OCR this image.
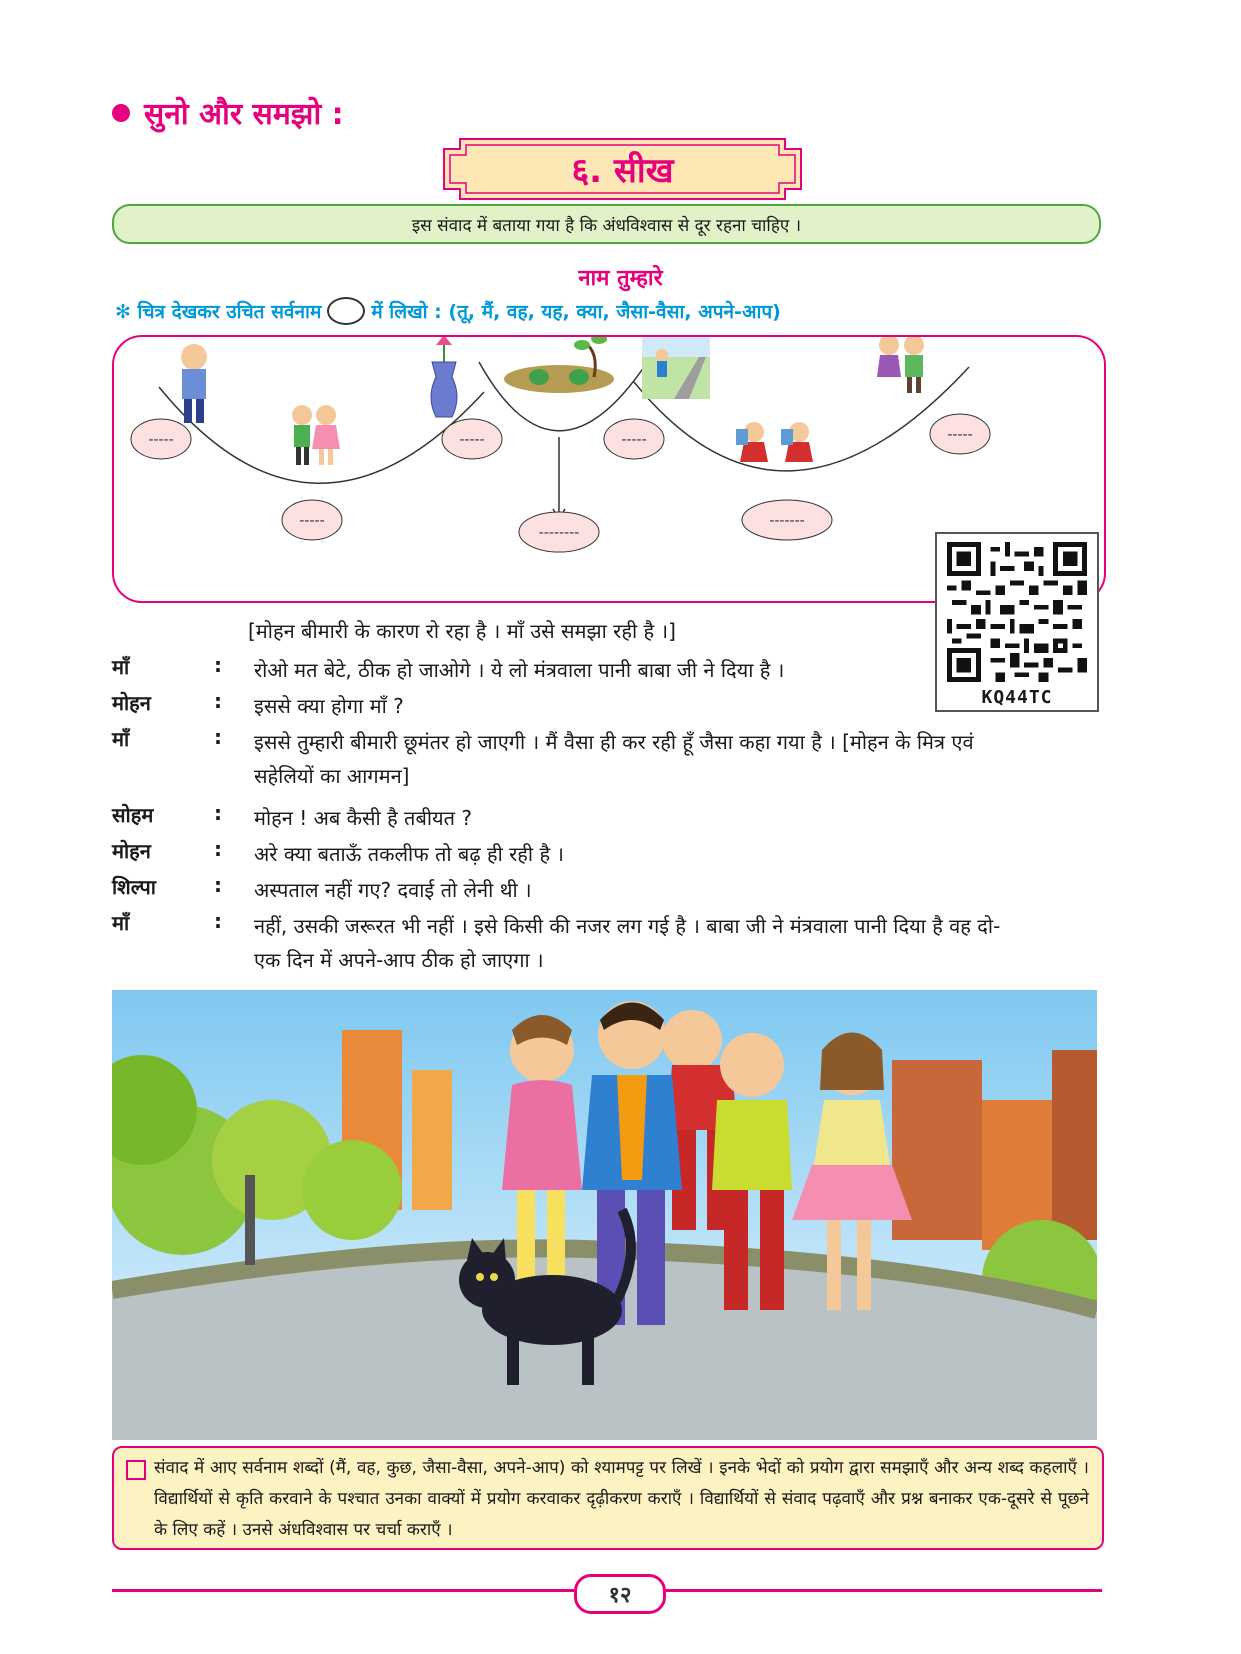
सुनो और समझो :
६. सीख
इस संवाद में बताया गया है कि अंधविश्वास से दूर रहना चाहिए ।
नाम तुम्हारे
✻ चित्र देखकर उचित सर्वनाम	में लिखो : (तू, मैं, वह, यह, क्या, जैसा-वैसा, अपने-आप)
-----	-----	-----	-----
-----
--------
-------
KQ44TC
[मोहन बीमारी के कारण रो रहा है । माँ उसे समझा रही है ।]
माँ	:	रोओ मत बेटे, ठीक हो जाओगे । ये लो मंत्रवाला पानी बाबा जी ने दिया है ।
मोहन	:	इससे क्या होगा माँ ?
माँ	:	इससे तुम्हारी बीमारी छूमंतर हो जाएगी । मैं वैसा ही कर रही हूँ जैसा कहा गया है । [मोहन के मित्र एवं सहेलियों का आगमन]
सोहम	:	मोहन ! अब कैसी है तबीयत ?
मोहन	:	अरे क्या बताऊँ तकलीफ तो बढ़ ही रही है ।
शिल्पा	:	अस्पताल नहीं गए? दवाई तो लेनी थी ।
माँ	:	नहीं, उसकी जरूरत भी नहीं । इसे किसी की नजर लग गई है । बाबा जी ने मंत्रवाला पानी दिया है वह दो-एक दिन में अपने-आप ठीक हो जाएगा ।
संवाद में आए सर्वनाम शब्दों (मैं, वह, कुछ, जैसा-वैसा, अपने-आप) को श्यामपट्ट पर लिखें । इनके भेदों को प्रयोग द्वारा समझाएँ और अन्य शब्द कहलाएँ । विद्यार्थियों से कृति करवाने के पश्चात उनका वाक्यों में प्रयोग करवाकर दृढ़ीकरण कराएँ । विद्यार्थियों से संवाद पढ़वाएँ और प्रश्न बनाकर एक-दूसरे से पूछने के लिए कहें । उनसे अंधविश्वास पर चर्चा कराएँ ।
१२
